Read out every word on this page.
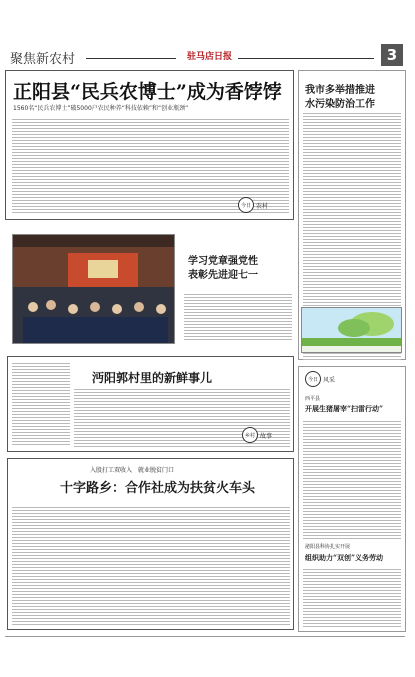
聚焦新农村	驻马店日报	3
正阳县“民兵农博士”成为香饽饽
1560名“民兵农博士”破5000户农民种养“科技依赖”和“创业瓶颈”
今日 农村
我市多举措推进
水污染防治工作
学习党章强党性
表彰先进迎七一
沔阳郭村里的新鲜事儿
乡村 故事
今日 风采
西平县
开展生猪屠宰“扫雷行动”
泌阳县科协扎实开展
组织助力“双创”义务劳动
入股打工双收入　就业脱贫门口
十字路乡：合作社成为扶贫火车头
